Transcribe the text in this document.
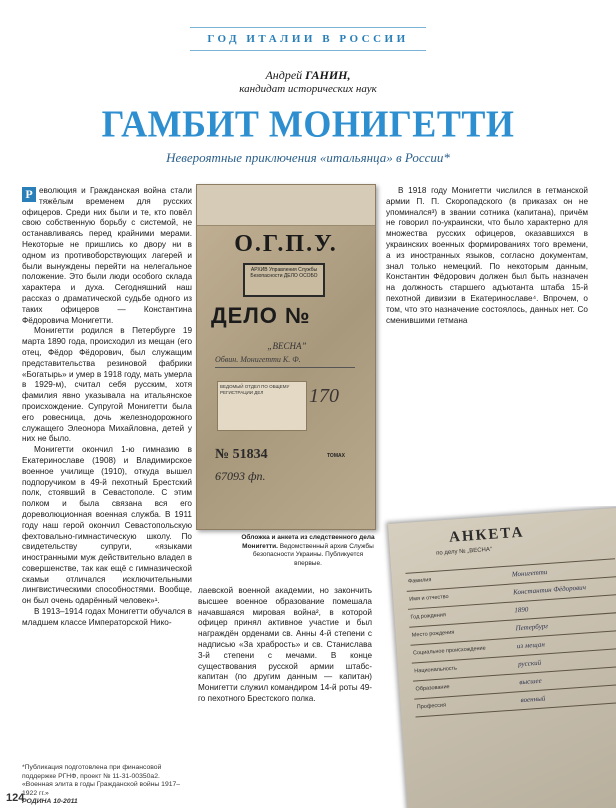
ГОД ИТАЛИИ В РОССИИ
Андрей ГАНИН,
кандидат исторических наук
ГАМБИТ МОНИГЕТТИ
Невероятные приключения «итальянца» в России*

Р еволюция и Гражданская война стали тяжёлым временем для русских офицеров. Среди них были и те, кто повёл свою собственную борьбу с системой, не останавливаясь перед крайними мерами. Некоторые не пришлись ко двору ни в одном из противоборствующих лагерей и были вынуждены перейти на нелегальное положение. Это были люди особого склада характера и духа. Сегодняшний наш рассказ о драматической судьбе одного из таких офицеров — Константина Фёдоровича Монигетти.

Монигетти родился в Петербурге 19 марта 1890 года, происходил из мещан (его отец, Фёдор Фёдорович, был служащим представительства резиновой фабрики «Богатырь» и умер в 1918 году, мать умерла в 1929-м), считал себя русским, хотя фамилия явно указывала на итальянское происхождение. Супругой Монигетти была его ровесница, дочь железнодорожного служащего Элеонора Михайловна, детей у них не было.

Монигетти окончил 1-ю гимназию в Екатеринославе (1908) и Владимирское военное училище (1910), откуда вышел подпоручиком в 49-й пехотный Брестский полк, стоявший в Севастополе. С этим полком и была связана вся его дореволюционная военная служба. В 1911 году наш герой окончил Севастопольскую фехтовально-гимнастическую школу. По свидетельству супруги, «языками иностранными муж действительно владел в совершенстве, так как ещё с гимназической скамьи отличался исключительными лингвистическими способностями. Вообще, он был очень одарённый человек»¹.

В 1913–1914 годах Монигетти обучался в младшем классе Императорской Нико-

лаевской военной академии, но закончить высшее военное образование помешала начавшаяся мировая война², в которой офицер принял активное участие и был награждён орденами св. Анны 4-й степени с надписью «За храбрость» и св. Станислава 3-й степени с мечами. В конце существования русской армии штабс-капитан (по другим данным — капитан) Монигетти служил командиром 14-й роты 49-го пехотного Брестского полка.

В 1918 году Монигетти числился в гетманской армии П. П. Скоропадского (в приказах он не упоминался³) в звании сотника (капитана), причём не говорил по-украински, что было характерно для множества русских офицеров, оказавшихся в украинских военных формированиях того времени, а из иностранных языков, согласно документам, знал только немецкий. По некоторым данным, Константин Фёдорович должен был быть назначен на должность старшего адъютанта штаба 15-й пехотной дивизии в Екатеринославе⁴. Впрочем, о том, что это назначение состоялось, данных нет. Со сменившими гетмана

О.Г.П.У.
АРХИВ Управления Службы Безопасности ДЕЛО ОСОБО
ДЕЛО №
„ВЕСНА”
Обвин. Монигетти К. Ф.
ВЕДОМЫЙ ОТДЕЛ ПО ОБЩЕМУ РЕГИСТРАЦИИ ДЕЛ	170
№ 51834
67093 фп.
ТОМАХ
Обложка и анкета из следственного дела Монигетти. Ведомственный архив Службы безопасности Украины. Публикуется впервые.
АНКЕТА
по делу № „ВЕСНА”
Фамилия
Монигетти
Имя и отчество
Константин Фёдорович
Год рождения
1890
Место рождения
Петербург
Социальное происхождение
из мещан
Национальность
русский
Образование
высшее
Профессия
военный
*Публикация подготовлена при финансовой поддержке РГНФ, проект № 11-31-00350а2. «Военная элита в годы Гражданской войны 1917–1922 гг.»
РОДИНА 10-2011
124
